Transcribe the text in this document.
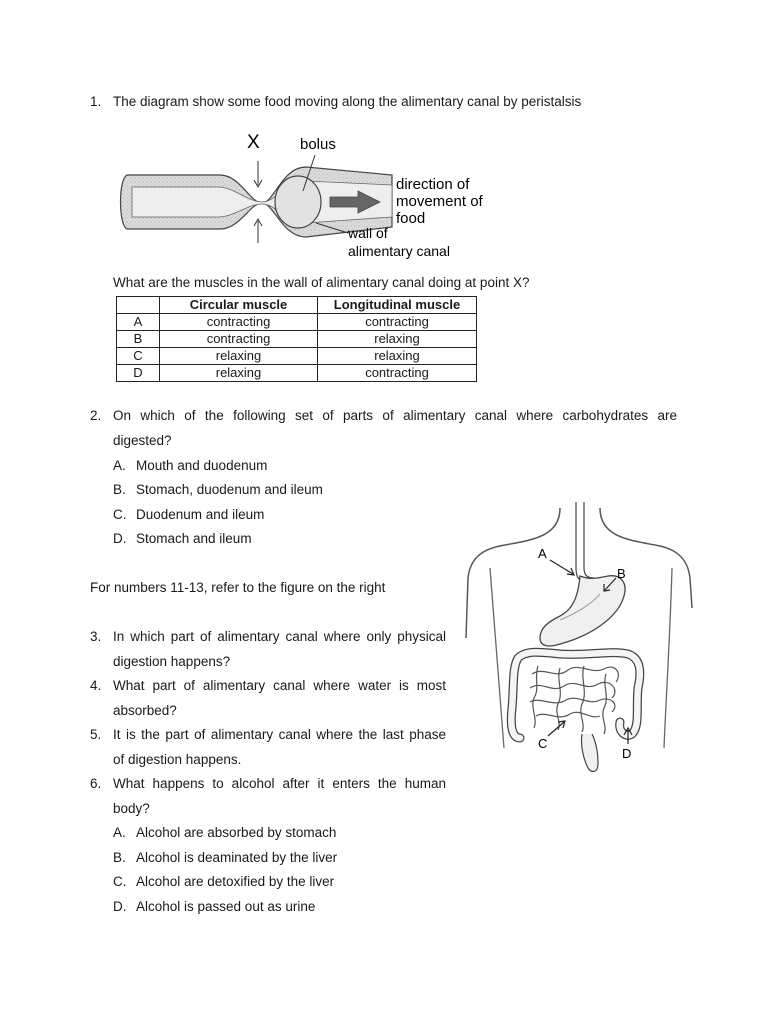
1. The diagram show some food moving along the alimentary canal by peristalsis
X	bolus
direction of
movement of
food
wall of
alimentary canal
What are the muscles in the wall of alimentary canal doing at point X?
	Circular muscle	Longitudinal muscle
A	contracting	contracting
B	contracting	relaxing
C	relaxing	relaxing
D	relaxing	contracting
2. On which of the following set of parts of alimentary canal where carbohydrates are
digested?
A. Mouth and duodenum
B. Stomach, duodenum and ileum
C. Duodenum and ileum
D. Stomach and ileum
For numbers 11-13, refer to the figure on the right
3. In which part of alimentary canal where only physical
digestion happens?
4. What part of alimentary canal where water is most
absorbed?
5. It is the part of alimentary canal where the last phase
of digestion happens.
6. What happens to alcohol after it enters the human
body?
A. Alcohol are absorbed by stomach
B. Alcohol is deaminated by the liver
C. Alcohol are detoxified by the liver
D. Alcohol is passed out as urine
A
B
C
D
